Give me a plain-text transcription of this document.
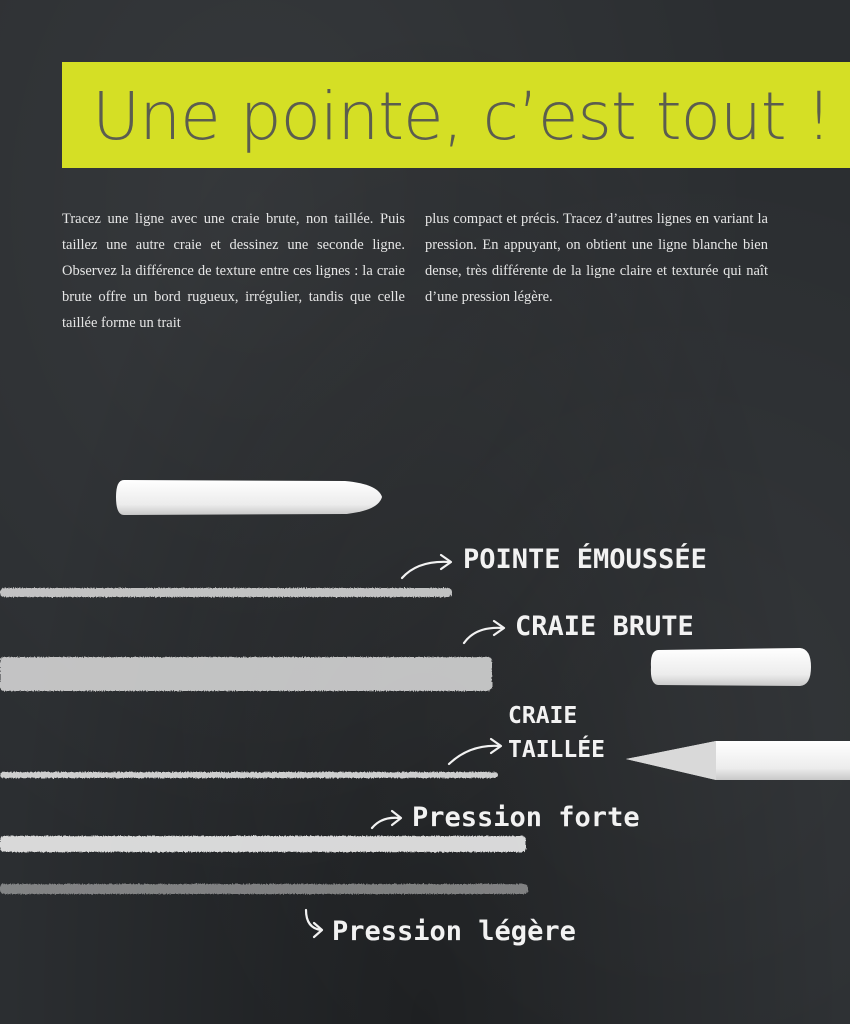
Une pointe, c’est tout !

Tracez une ligne avec une craie brute, non taillée. Puis taillez une autre craie et dessinez une seconde ligne. Observez la différence de texture entre ces lignes : la craie brute offre un bord rugueux, irrégulier, tandis que celle taillée forme un trait

plus compact et précis. Tracez d’autres lignes en variant la pression. En appuyant, on obtient une ligne blanche bien dense, très différente de la ligne claire et texturée qui naît d’une pression légère.

POINTE ÉMOUSSÉE
CRAIE BRUTE
CRAIE
TAILLÉE
Pression forte
Pression légère
